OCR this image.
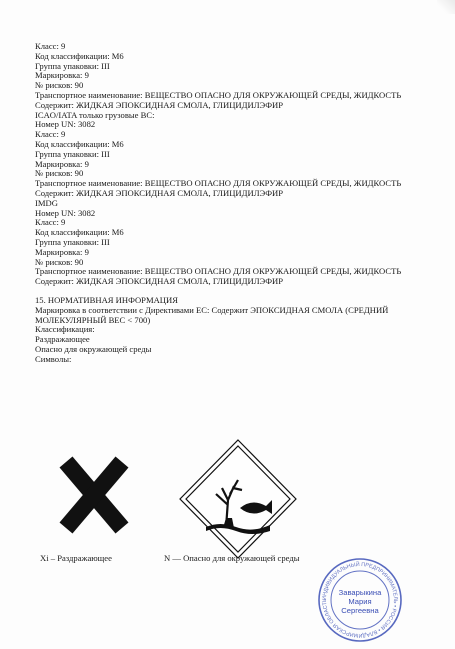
Класс: 9
Код классификации: М6
Группа упаковки: III
Маркировка: 9
№ рисков: 90
Транспортное наименование: ВЕЩЕСТВО ОПАСНО ДЛЯ ОКРУЖАЮЩЕЙ СРЕДЫ, ЖИДКОСТЬ
Содержит: ЖИДКАЯ ЭПОКСИДНАЯ СМОЛА, ГЛИЦИДИЛЭФИР
ICAO/IATA только грузовые ВС:
Номер UN: 3082
Класс: 9
Код классификации: М6
Группа упаковки: III
Маркировка: 9
№ рисков: 90
Транспортное наименование: ВЕЩЕСТВО ОПАСНО ДЛЯ ОКРУЖАЮЩЕЙ СРЕДЫ, ЖИДКОСТЬ
Содержит: ЖИДКАЯ ЭПОКСИДНАЯ СМОЛА, ГЛИЦИДИЛЭФИР
IMDG
Номер UN: 3082
Класс: 9
Код классификации: М6
Группа упаковки: III
Маркировка: 9
№ рисков: 90
Транспортное наименование: ВЕЩЕСТВО ОПАСНО ДЛЯ ОКРУЖАЮЩЕЙ СРЕДЫ, ЖИДКОСТЬ
Содержит: ЖИДКАЯ ЭПОКСИДНАЯ СМОЛА, ГЛИЦИДИЛЭФИР
15. НОРМАТИВНАЯ ИНФОРМАЦИЯ
Маркировка в соответствии с Директивами ЕС: Содержит ЭПОКСИДНАЯ СМОЛА (СРЕДНИЙ МОЛЕКУЛЯРНЫЙ ВЕС < 700)
Классификация:
Раздражающее
Опасно для окружающей среды
Символы:
Xi – Раздражающее	N — Опасно для окружающей среды
ИНДИВИДУАЛЬНЫЙ ПРЕДПРИНИМАТЕЛЬ • РОССИЯ • ВЛАДИМИРСКАЯ ОБЛАСТЬ
Заварыкина
Мария
Сергеевна
